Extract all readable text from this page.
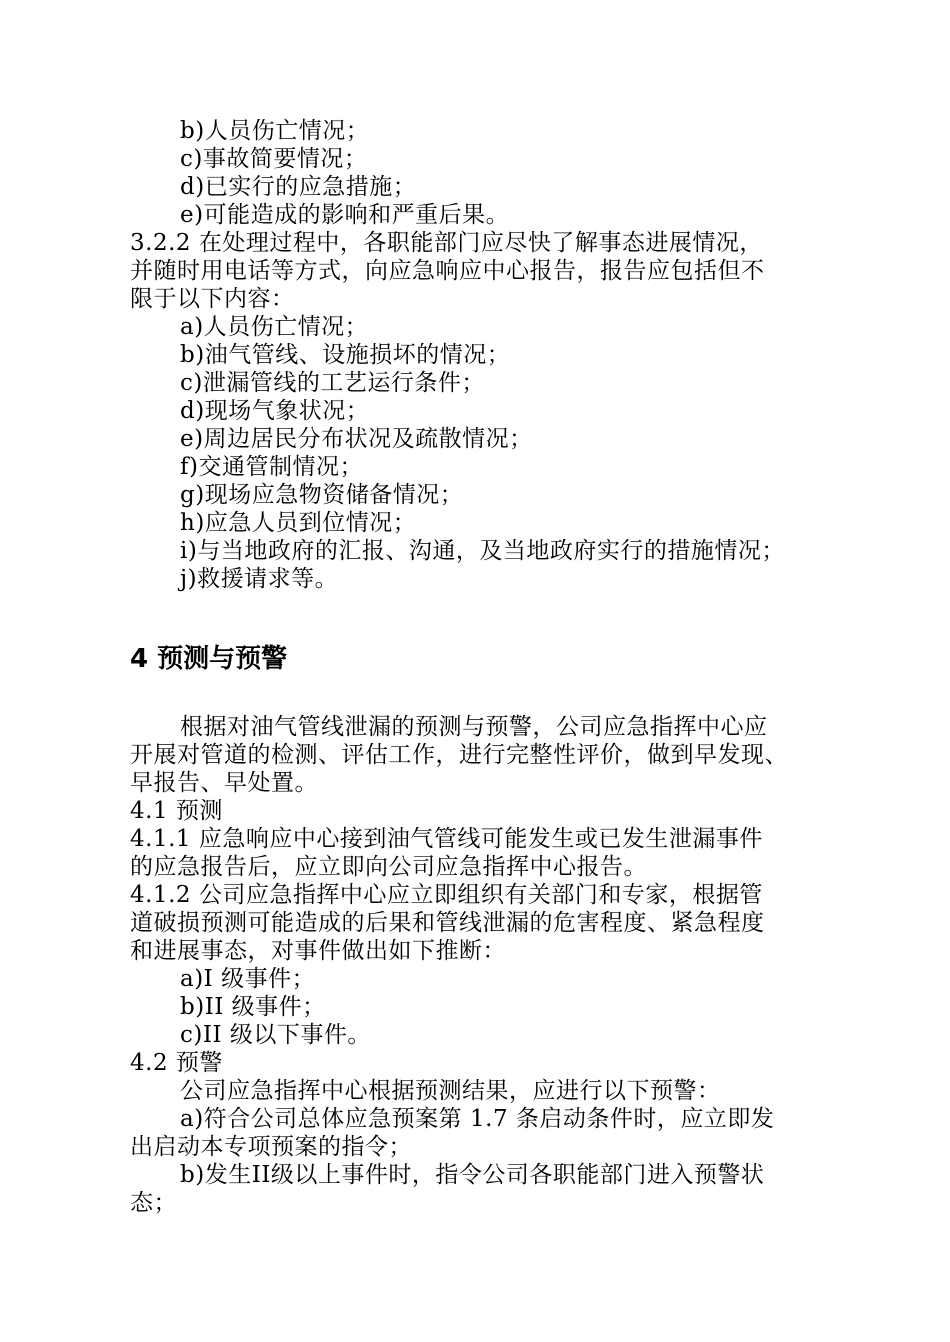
b)人员伤亡情况；
c)事故简要情况；
d)已实行的应急措施；
e)可能造成的影响和严重后果。
3.2.2 在处理过程中，各职能部门应尽快了解事态进展情况，
并随时用电话等方式，向应急响应中心报告，报告应包括但不
限于以下内容：
a)人员伤亡情况；
b)油气管线、设施损坏的情况；
c)泄漏管线的工艺运行条件；
d)现场气象状况；
e)周边居民分布状况及疏散情况；
f)交通管制情况；
g)现场应急物资储备情况；
h)应急人员到位情况；
i)与当地政府的汇报、沟通，及当地政府实行的措施情况；
j)救援请求等。
4 预测与预警
根据对油气管线泄漏的预测与预警，公司应急指挥中心应
开展对管道的检测、评估工作，进行完整性评价，做到早发现、
早报告、早处置。
4.1 预测
4.1.1 应急响应中心接到油气管线可能发生或已发生泄漏事件
的应急报告后，应立即向公司应急指挥中心报告。
4.1.2 公司应急指挥中心应立即组织有关部门和专家，根据管
道破损预测可能造成的后果和管线泄漏的危害程度、紧急程度
和进展事态，对事件做出如下推断：
a)I 级事件；
b)II 级事件；
c)II 级以下事件。
4.2 预警
公司应急指挥中心根据预测结果，应进行以下预警：
a)符合公司总体应急预案第 1.7 条启动条件时，应立即发
出启动本专项预案的指令；
b)发生II级以上事件时，指令公司各职能部门进入预警状
态；
